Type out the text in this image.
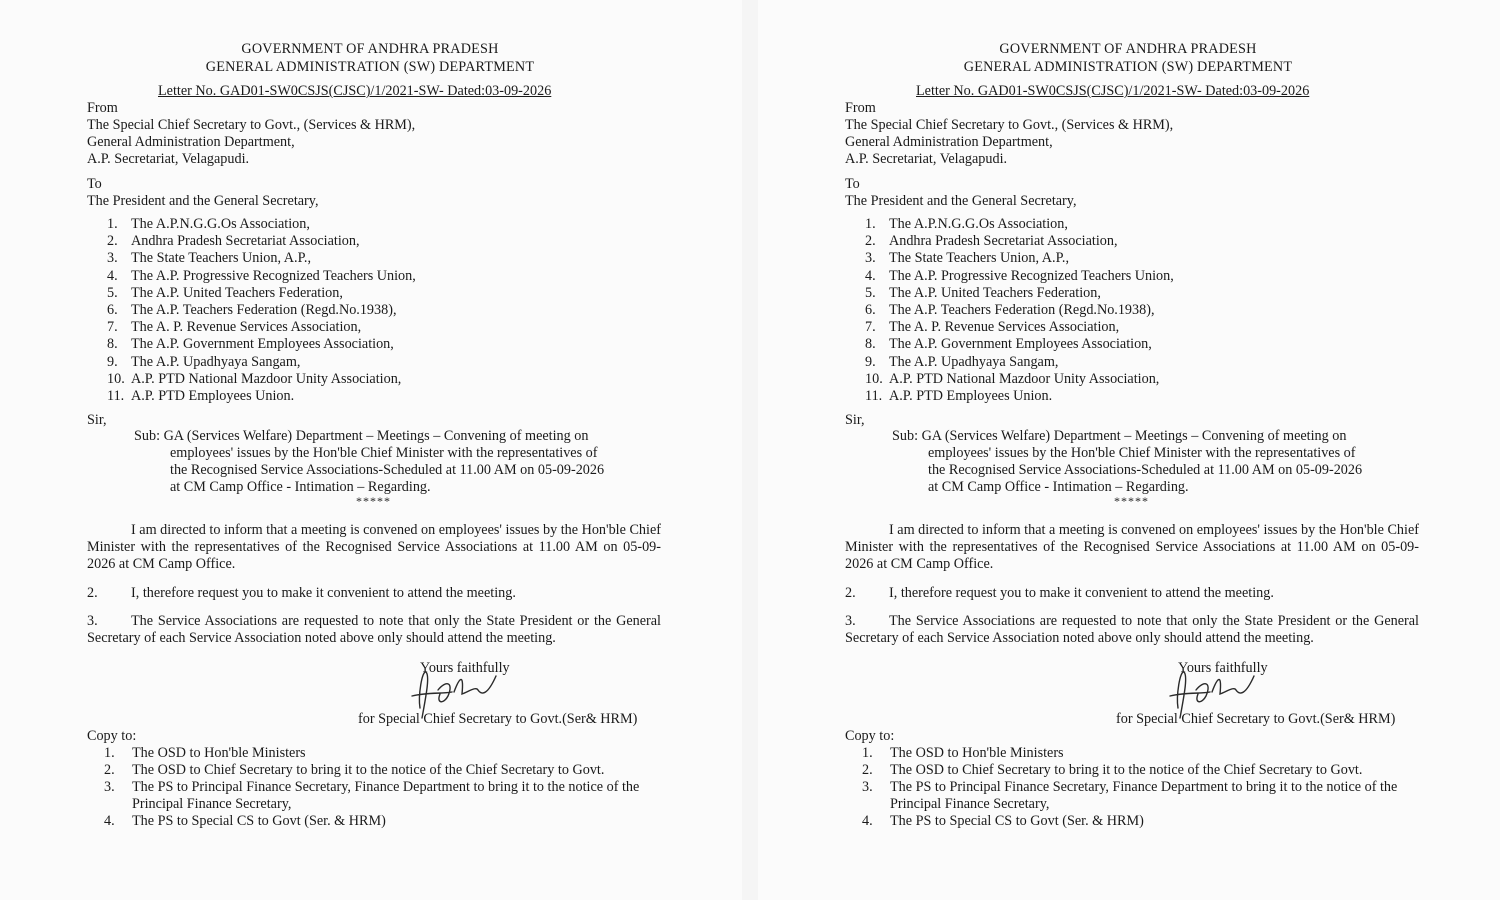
GOVERNMENT OF ANDHRA PRADESH
GENERAL ADMINISTRATION (SW) DEPARTMENT
Letter No. GAD01-SW0CSJS(CJSC)/1/2021-SW- Dated:03-09-2026
From
The Special Chief Secretary to Govt., (Services & HRM),
General Administration Department,
A.P. Secretariat, Velagapudi.
To
The President and the General Secretary,
1. The A.P.N.G.G.Os Association,
2. Andhra Pradesh Secretariat Association,
3. The State Teachers Union, A.P.,
4. The A.P. Progressive Recognized Teachers Union,
5. The A.P. United Teachers Federation,
6. The A.P. Teachers Federation (Regd.No.1938),
7. The A. P. Revenue Services Association,
8. The A.P. Government Employees Association,
9. The A.P. Upadhyaya Sangam,
10. A.P. PTD National Mazdoor Unity Association,
11. A.P. PTD Employees Union.
Sir,
Sub: GA (Services Welfare) Department – Meetings – Convening of meeting on
employees' issues by the Hon'ble Chief Minister with the representatives of
the Recognised Service Associations-Scheduled at 11.00 AM on 05-09-2026
at CM Camp Office - Intimation – Regarding.
*****
I am directed to inform that a meeting is convened on employees' issues by the Hon'ble Chief Minister with the representatives of the Recognised Service Associations at 11.00 AM on 05-09-2026 at CM Camp Office.
2. I, therefore request you to make it convenient to attend the meeting.
3. The Service Associations are requested to note that only the State President or the General Secretary of each Service Association noted above only should attend the meeting.
Yours faithfully
for Special Chief Secretary to Govt.(Ser& HRM)
Copy to:
1.	The OSD to Hon'ble Ministers
2.	The OSD to Chief Secretary to bring it to the notice of the Chief Secretary to Govt.
3.	The PS to Principal Finance Secretary, Finance Department to bring it to the notice of the Principal Finance Secretary,
4.	The PS to Special CS to Govt (Ser. & HRM)
GOVERNMENT OF ANDHRA PRADESH
GENERAL ADMINISTRATION (SW) DEPARTMENT
Letter No. GAD01-SW0CSJS(CJSC)/1/2021-SW- Dated:03-09-2026
From
The Special Chief Secretary to Govt., (Services & HRM),
General Administration Department,
A.P. Secretariat, Velagapudi.
To
The President and the General Secretary,
1. The A.P.N.G.G.Os Association,
2. Andhra Pradesh Secretariat Association,
3. The State Teachers Union, A.P.,
4. The A.P. Progressive Recognized Teachers Union,
5. The A.P. United Teachers Federation,
6. The A.P. Teachers Federation (Regd.No.1938),
7. The A. P. Revenue Services Association,
8. The A.P. Government Employees Association,
9. The A.P. Upadhyaya Sangam,
10. A.P. PTD National Mazdoor Unity Association,
11. A.P. PTD Employees Union.
Sir,
Sub: GA (Services Welfare) Department – Meetings – Convening of meeting on
employees' issues by the Hon'ble Chief Minister with the representatives of
the Recognised Service Associations-Scheduled at 11.00 AM on 05-09-2026
at CM Camp Office - Intimation – Regarding.
*****
I am directed to inform that a meeting is convened on employees' issues by the Hon'ble Chief Minister with the representatives of the Recognised Service Associations at 11.00 AM on 05-09-2026 at CM Camp Office.
2. I, therefore request you to make it convenient to attend the meeting.
3. The Service Associations are requested to note that only the State President or the General Secretary of each Service Association noted above only should attend the meeting.
Yours faithfully
for Special Chief Secretary to Govt.(Ser& HRM)
Copy to:
1.	The OSD to Hon'ble Ministers
2.	The OSD to Chief Secretary to bring it to the notice of the Chief Secretary to Govt.
3.	The PS to Principal Finance Secretary, Finance Department to bring it to the notice of the Principal Finance Secretary,
4.	The PS to Special CS to Govt (Ser. & HRM)
